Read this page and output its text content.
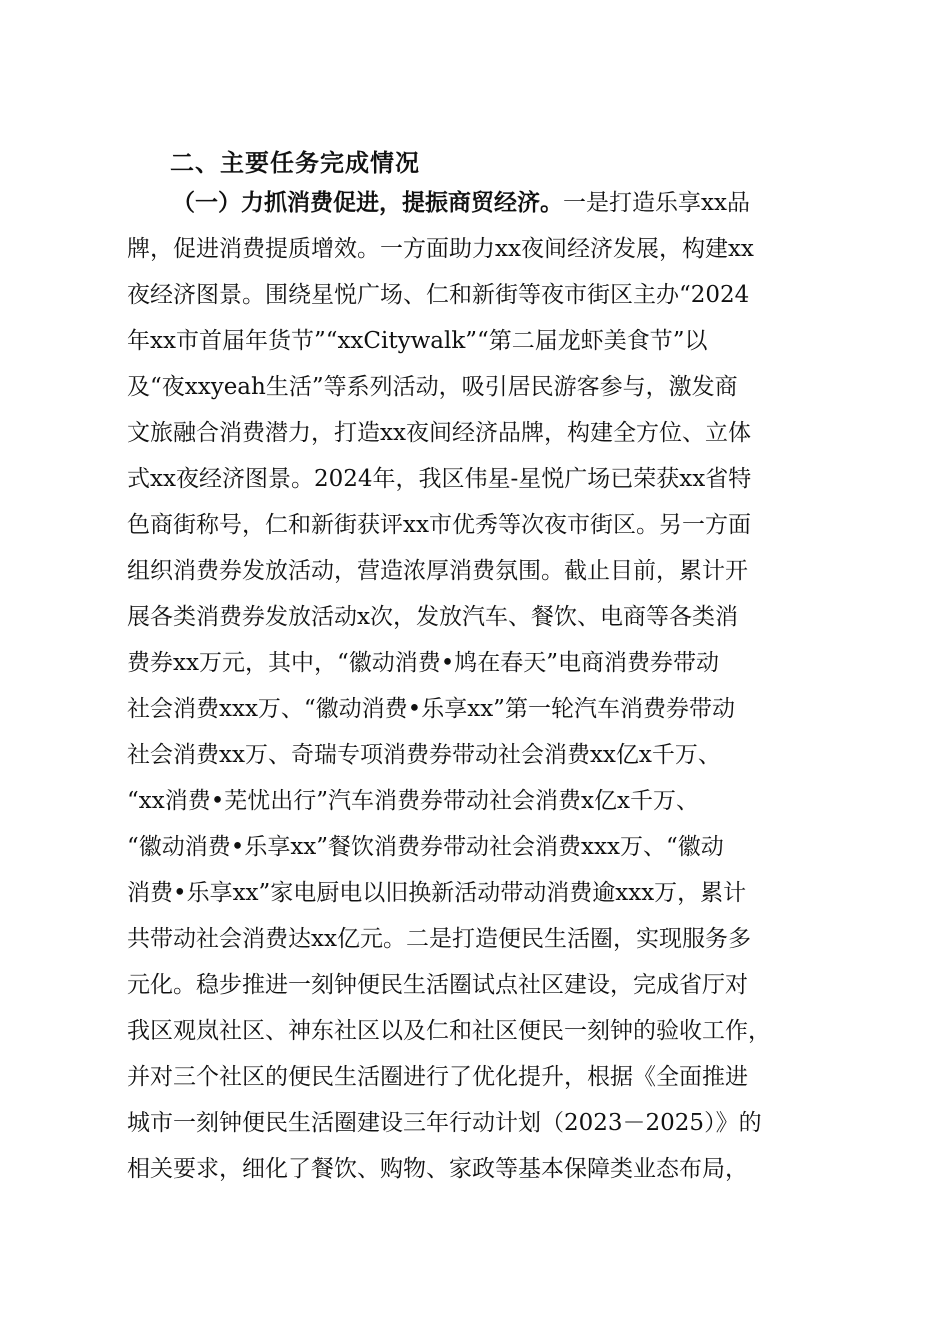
二、主要任务完成情况
（一）力抓消费促进，提振商贸经济。一是打造乐享xx品
牌，促进消费提质增效。一方面助力xx夜间经济发展，构建xx
夜经济图景。围绕星悦广场、仁和新街等夜市街区主办“2024
年xx市首届年货节”“xxCitywalk”“第二届龙虾美食节”以
及“夜xxyeah生活”等系列活动，吸引居民游客参与，激发商
文旅融合消费潜力，打造xx夜间经济品牌，构建全方位、立体
式xx夜经济图景。2024年，我区伟星-星悦广场已荣获xx省特
色商街称号，仁和新街获评xx市优秀等次夜市街区。另一方面
组织消费券发放活动，营造浓厚消费氛围。截止目前，累计开
展各类消费券发放活动x次，发放汽车、餐饮、电商等各类消
费券xx万元，其中，“徽动消费•鸠在春天”电商消费券带动
社会消费xxx万、“徽动消费•乐享xx”第一轮汽车消费券带动
社会消费xx万、奇瑞专项消费券带动社会消费xx亿x千万、
“xx消费•芜忧出行”汽车消费券带动社会消费x亿x千万、
“徽动消费•乐享xx”餐饮消费券带动社会消费xxx万、“徽动
消费•乐享xx”家电厨电以旧换新活动带动消费逾xxx万，累计
共带动社会消费达xx亿元。二是打造便民生活圈，实现服务多
元化。稳步推进一刻钟便民生活圈试点社区建设，完成省厅对
我区观岚社区、神东社区以及仁和社区便民一刻钟的验收工作，
并对三个社区的便民生活圈进行了优化提升，根据《全面推进
城市一刻钟便民生活圈建设三年行动计划（2023－2025）》的
相关要求，细化了餐饮、购物、家政等基本保障类业态布局，
